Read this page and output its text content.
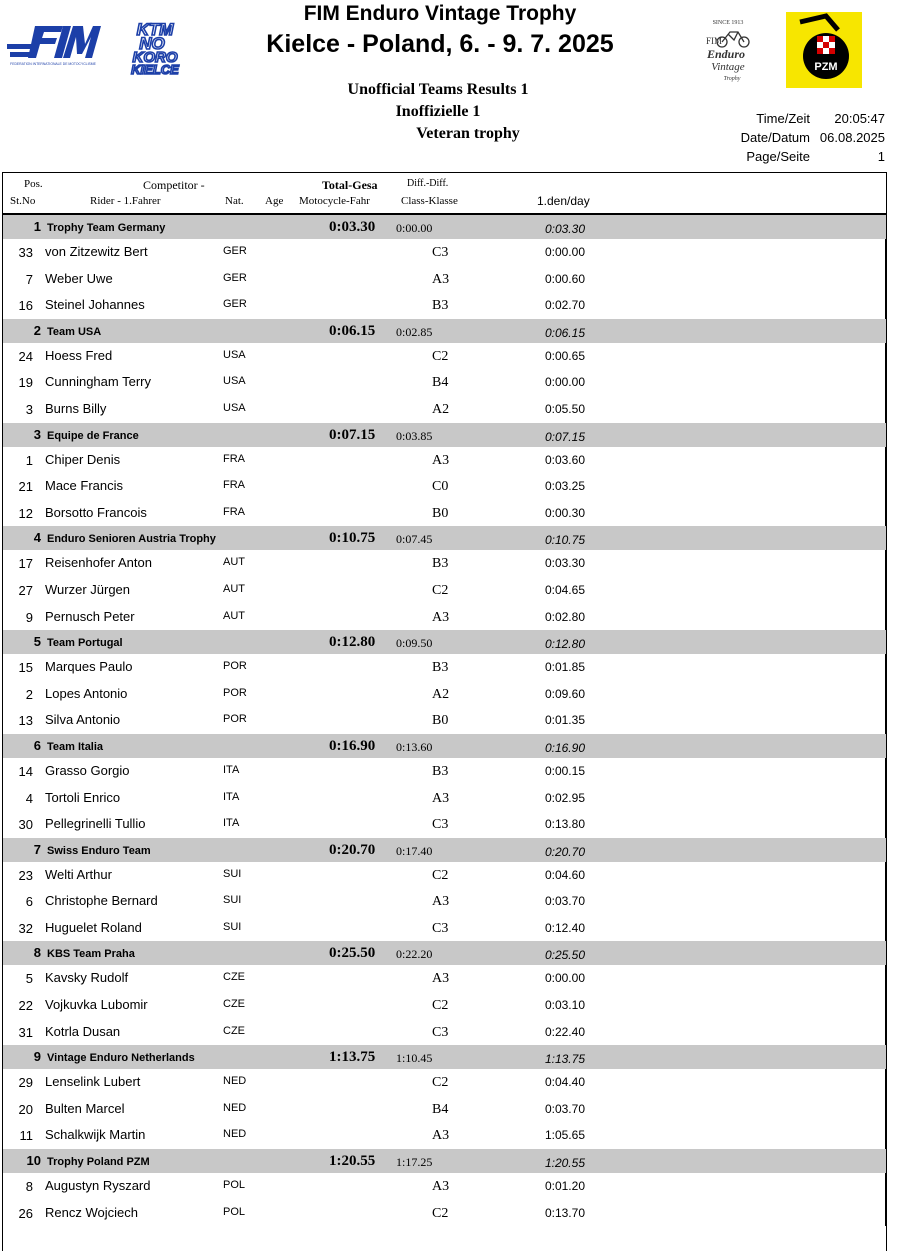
FIM
FEDERATION INTERNATIONALE DE MOTOCYCLISME
KTM
NO
KORO
KIELCE
FIM Enduro Vintage Trophy
Kielce - Poland, 6. - 9. 7. 2025
SINCE 1913
FIM
Enduro
Vintage
Trophy
PZM
Unofficial Teams Results 1
Inoffizielle 1
Veteran trophy
Time/Zeit 20:05:47
Date/Datum 06.08.2025
Page/Seite	1
Pos.
St.No
Competitor -
Rider - 1.Fahrer	Nat. Age
Total-Gesa
Motocycle-Fahr
Diff.-Diff.
Class-Klasse	1.den/day
1 Trophy Team Germany	0:03.30 0:00.00	0:03.30
33 von Zitzewitz Bert	GER	C3	0:00.00
7 Weber Uwe	GER	A3	0:00.60
16 Steinel Johannes	GER	B3	0:02.70
2 Team USA	0:06.15 0:02.85	0:06.15
24 Hoess Fred	USA	C2	0:00.65
19 Cunningham Terry	USA	B4	0:00.00
3 Burns Billy	USA	A2	0:05.50
3 Equipe de France	0:07.15 0:03.85	0:07.15
1 Chiper Denis	FRA	A3	0:03.60
21 Mace Francis	FRA	C0	0:03.25
12 Borsotto Francois	FRA	B0	0:00.30
4 Enduro Senioren Austria Trophy	0:10.75 0:07.45	0:10.75
17 Reisenhofer Anton	AUT	B3	0:03.30
27 Wurzer Jürgen	AUT	C2	0:04.65
9 Pernusch Peter	AUT	A3	0:02.80
5 Team Portugal	0:12.80 0:09.50	0:12.80
15 Marques Paulo	POR	B3	0:01.85
2 Lopes Antonio	POR	A2	0:09.60
13 Silva Antonio	POR	B0	0:01.35
6 Team Italia	0:16.90 0:13.60	0:16.90
14 Grasso Gorgio	ITA	B3	0:00.15
4 Tortoli Enrico	ITA	A3	0:02.95
30 Pellegrinelli Tullio	ITA	C3	0:13.80
7 Swiss Enduro Team	0:20.70 0:17.40	0:20.70
23 Welti Arthur	SUI	C2	0:04.60
6 Christophe Bernard	SUI	A3	0:03.70
32 Huguelet Roland	SUI	C3	0:12.40
8 KBS Team Praha	0:25.50 0:22.20	0:25.50
5 Kavsky Rudolf	CZE	A3	0:00.00
22 Vojkuvka Lubomir	CZE	C2	0:03.10
31 Kotrla Dusan	CZE	C3	0:22.40
9 Vintage Enduro Netherlands	1:13.75 1:10.45	1:13.75
29 Lenselink Lubert	NED	C2	0:04.40
20 Bulten Marcel	NED	B4	0:03.70
11 Schalkwijk Martin	NED	A3	1:05.65
10 Trophy Poland PZM	1:20.55 1:17.25	1:20.55
8 Augustyn Ryszard	POL	A3	0:01.20
26 Rencz Wojciech	POL	C2	0:13.70
